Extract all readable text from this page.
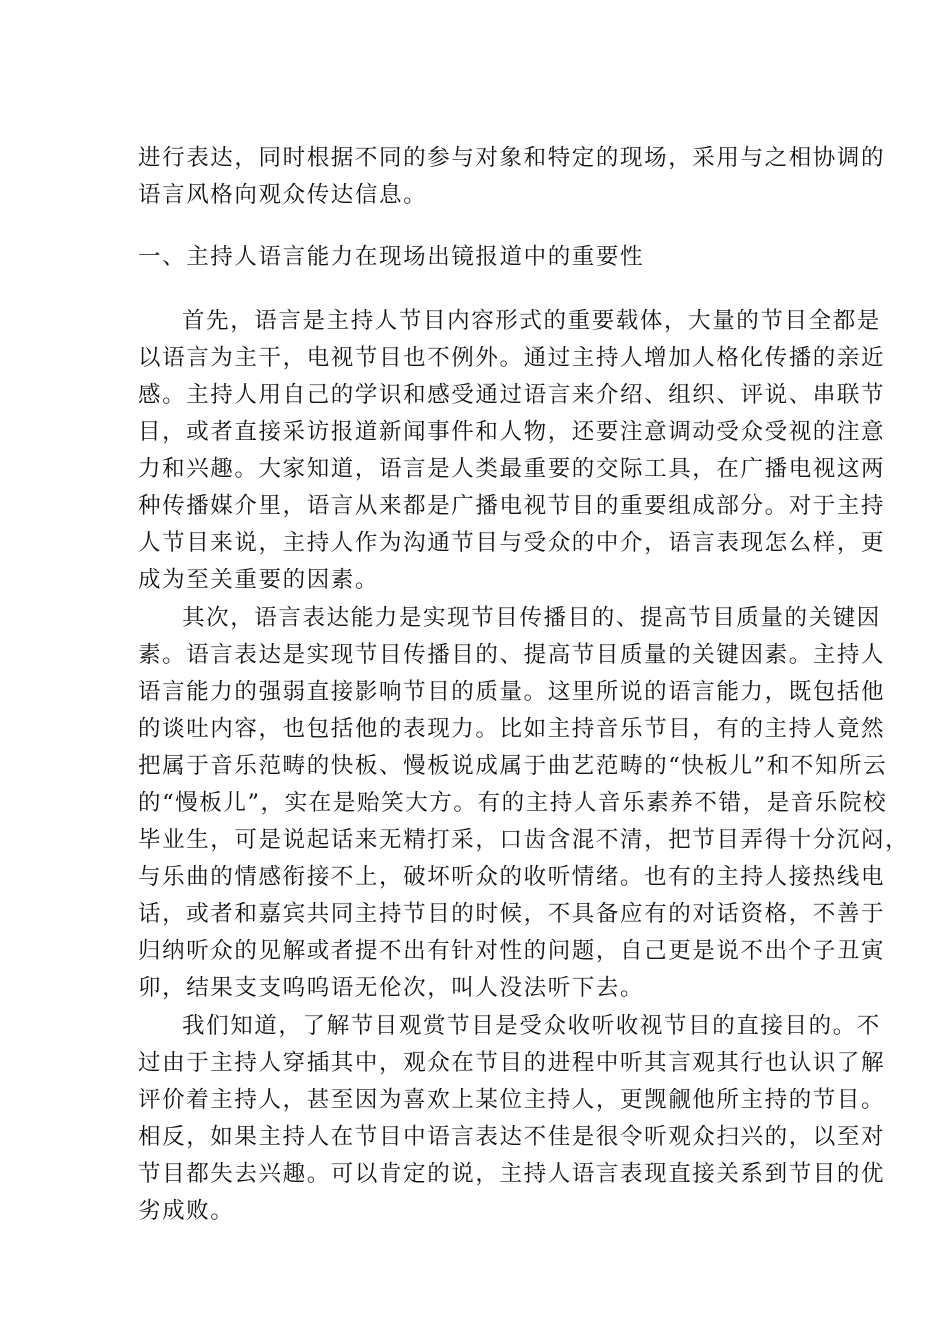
进行表达，同时根据不同的参与对象和特定的现场，采用与之相协调的

语言风格向观众传达信息。

一、主持人语言能力在现场出镜报道中的重要性

首先，语言是主持人节目内容形式的重要载体，大量的节目全都是

以语言为主干，电视节目也不例外。通过主持人增加人格化传播的亲近

感。主持人用自己的学识和感受通过语言来介绍、组织、评说、串联节

目，或者直接采访报道新闻事件和人物，还要注意调动受众受视的注意

力和兴趣。大家知道，语言是人类最重要的交际工具，在广播电视这两

种传播媒介里，语言从来都是广播电视节目的重要组成部分。对于主持

人节目来说，主持人作为沟通节目与受众的中介，语言表现怎么样，更

成为至关重要的因素。

其次，语言表达能力是实现节目传播目的、提高节目质量的关键因

素。语言表达是实现节目传播目的、提高节目质量的关键因素。主持人

语言能力的强弱直接影响节目的质量。这里所说的语言能力，既包括他

的谈吐内容，也包括他的表现力。比如主持音乐节目，有的主持人竟然

把属于音乐范畴的快板、慢板说成属于曲艺范畴的“快板儿”和不知所云

的“慢板儿”，实在是贻笑大方。有的主持人音乐素养不错，是音乐院校

毕业生，可是说起话来无精打采，口齿含混不清，把节目弄得十分沉闷，

与乐曲的情感衔接不上，破坏听众的收听情绪。也有的主持人接热线电

话，或者和嘉宾共同主持节目的时候，不具备应有的对话资格，不善于

归纳听众的见解或者提不出有针对性的问题，自己更是说不出个子丑寅

卯，结果支支呜呜语无伦次，叫人没法听下去。

我们知道，了解节目观赏节目是受众收听收视节目的直接目的。不

过由于主持人穿插其中，观众在节目的进程中听其言观其行也认识了解

评价着主持人，甚至因为喜欢上某位主持人，更觊觎他所主持的节目。

相反，如果主持人在节目中语言表达不佳是很令听观众扫兴的，以至对

节目都失去兴趣。可以肯定的说，主持人语言表现直接关系到节目的优

劣成败。
